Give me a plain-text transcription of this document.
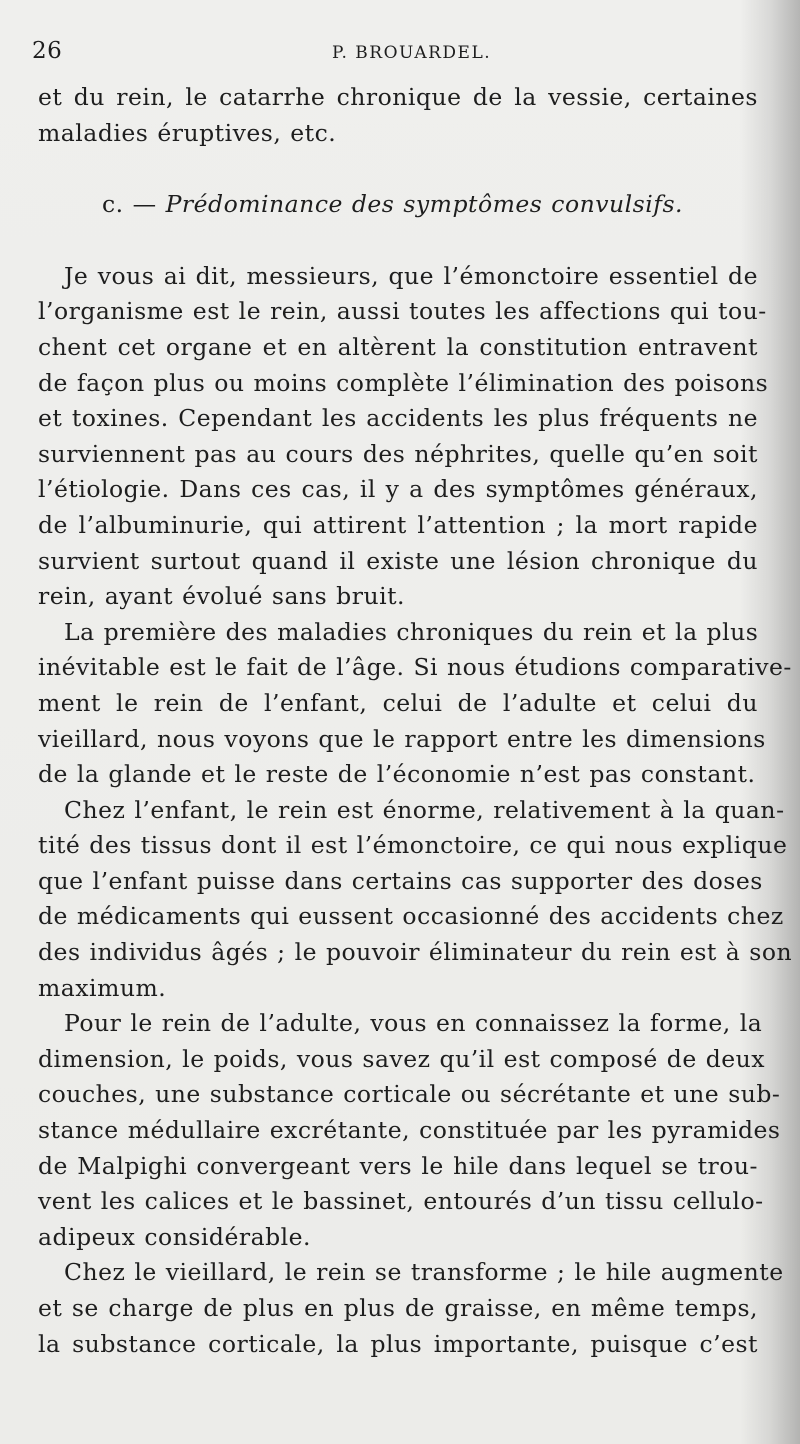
26	P. BROUARDEL.
et du rein, le catarrhe chronique de la vessie, certaines
maladies éruptives, etc.
c. — Prédominance des symptômes convulsifs.
Je vous ai dit, messieurs, que l’émonctoire essentiel de
l’organisme est le rein, aussi toutes les affections qui tou-
chent cet organe et en altèrent la constitution entravent
de façon plus ou moins complète l’élimination des poisons
et toxines. Cependant les accidents les plus fréquents ne
surviennent pas au cours des néphrites, quelle qu’en soit
l’étiologie. Dans ces cas, il y a des symptômes généraux,
de l’albuminurie, qui attirent l’attention ; la mort rapide
survient surtout quand il existe une lésion chronique du
rein, ayant évolué sans bruit.
La première des maladies chroniques du rein et la plus
inévitable est le fait de l’âge. Si nous étudions comparative-
ment le rein de l’enfant, celui de l’adulte et celui du
vieillard, nous voyons que le rapport entre les dimensions
de la glande et le reste de l’économie n’est pas constant.
Chez l’enfant, le rein est énorme, relativement à la quan-
tité des tissus dont il est l’émonctoire, ce qui nous explique
que l’enfant puisse dans certains cas supporter des doses
de médicaments qui eussent occasionné des accidents chez
des individus âgés ; le pouvoir éliminateur du rein est à son
maximum.
Pour le rein de l’adulte, vous en connaissez la forme, la
dimension, le poids, vous savez qu’il est composé de deux
couches, une substance corticale ou sécrétante et une sub-
stance médullaire excrétante, constituée par les pyramides
de Malpighi convergeant vers le hile dans lequel se trou-
vent les calices et le bassinet, entourés d’un tissu cellulo-
adipeux considérable.
Chez le vieillard, le rein se transforme ; le hile augmente
et se charge de plus en plus de graisse, en même temps,
la substance corticale, la plus importante, puisque c’est
